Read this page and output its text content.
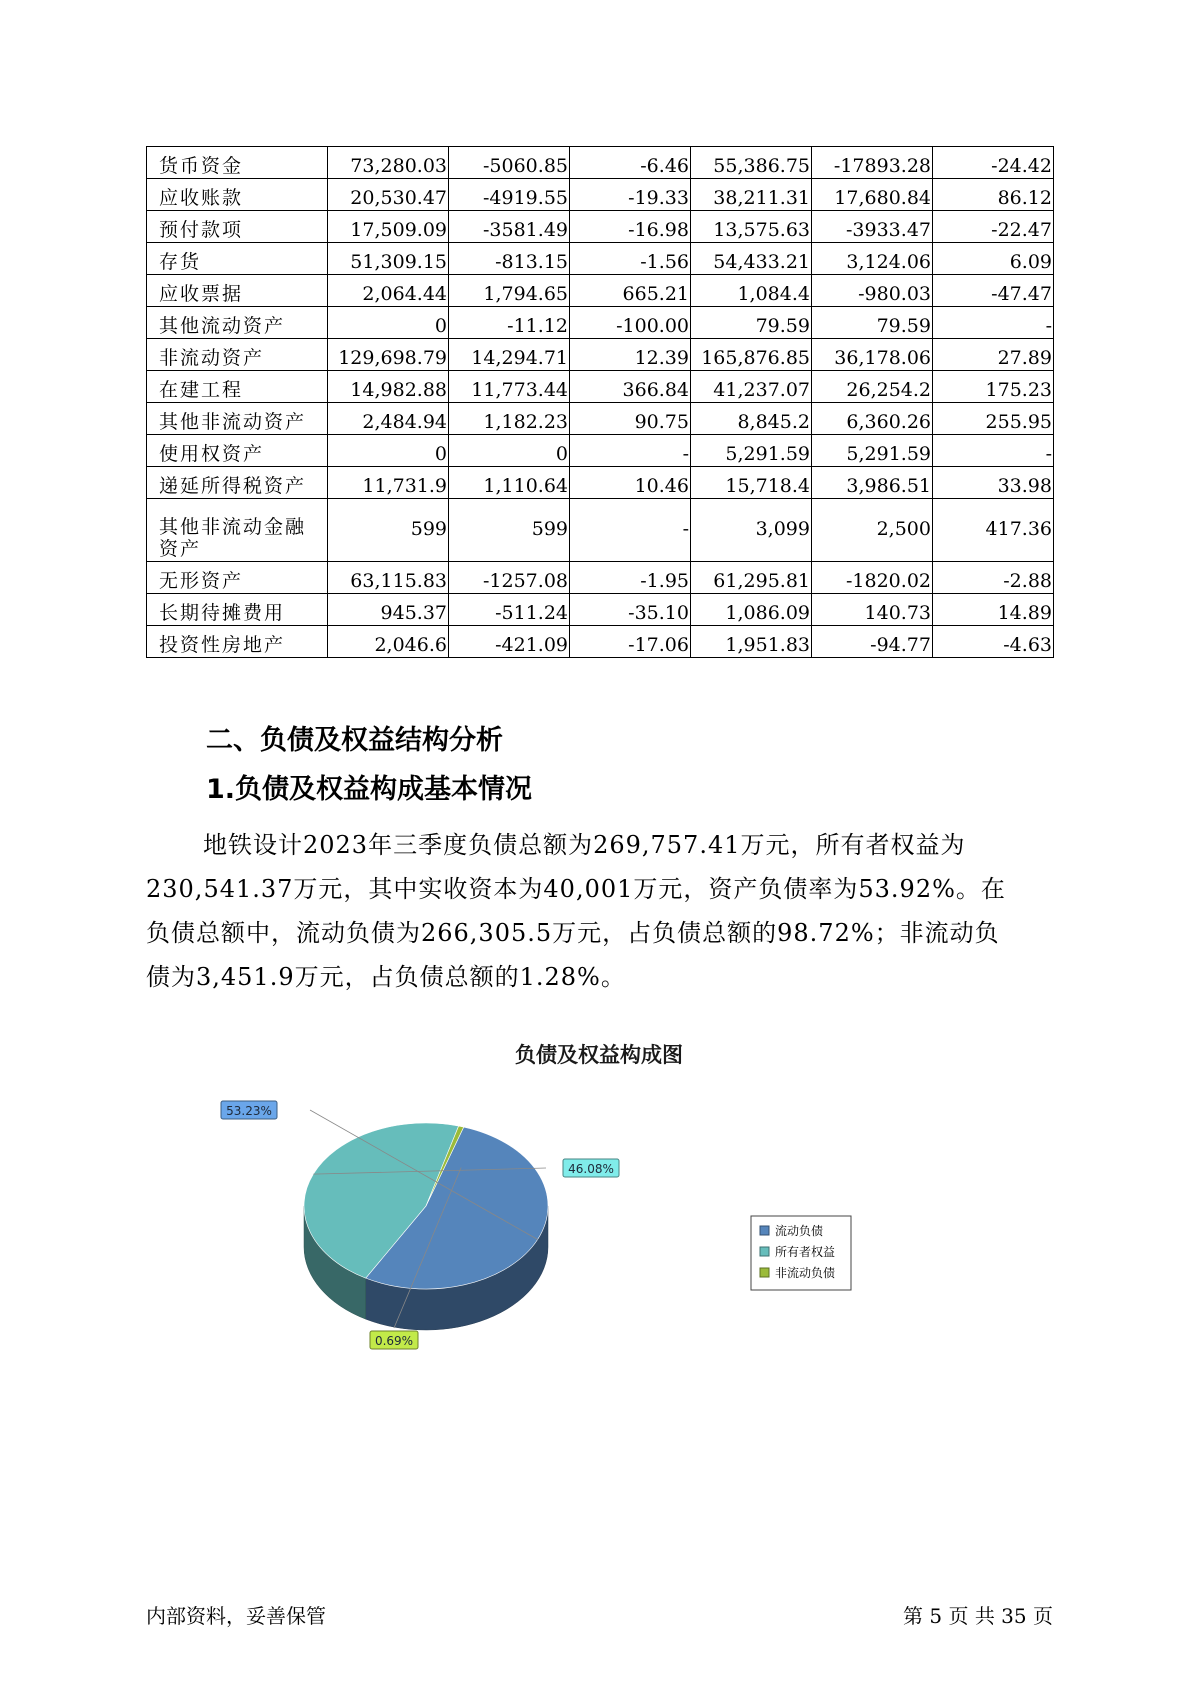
货币资金	73,280.03	-5060.85	-6.46	55,386.75	-17893.28	-24.42
应收账款	20,530.47	-4919.55	-19.33	38,211.31	17,680.84	86.12
预付款项	17,509.09	-3581.49	-16.98	13,575.63	-3933.47	-22.47
存货	51,309.15	-813.15	-1.56	54,433.21	3,124.06	6.09
应收票据	2,064.44	1,794.65	665.21	1,084.4	-980.03	-47.47
其他流动资产	0	-11.12	-100.00	79.59	79.59	-
非流动资产	129,698.79	14,294.71	12.39	165,876.85	36,178.06	27.89
在建工程	14,982.88	11,773.44	366.84	41,237.07	26,254.2	175.23
其他非流动资产	2,484.94	1,182.23	90.75	8,845.2	6,360.26	255.95
使用权资产	0	0	-	5,291.59	5,291.59	-
递延所得税资产	11,731.9	1,110.64	10.46	15,718.4	3,986.51	33.98
其他非流动金融资产	599	599	-	3,099	2,500	417.36
无形资产	63,115.83	-1257.08	-1.95	61,295.81	-1820.02	-2.88
长期待摊费用	945.37	-511.24	-35.10	1,086.09	140.73	14.89
投资性房地产	2,046.6	-421.09	-17.06	1,951.83	-94.77	-4.63
二、负债及权益结构分析
1.负债及权益构成基本情况

地铁设计2023年三季度负债总额为269,757.41万元，所有者权益为

230,541.37万元，其中实收资本为40,001万元，资产负债率为53.92%。在

负债总额中，流动负债为266,305.5万元，占负债总额的98.72%；非流动负

债为3,451.9万元，占负债总额的1.28%。

负债及权益构成图
53.23%
46.08%
0.69%
流动负债
所有者权益
非流动负债
内部资料，妥善保管	第 5 页 共 35 页
